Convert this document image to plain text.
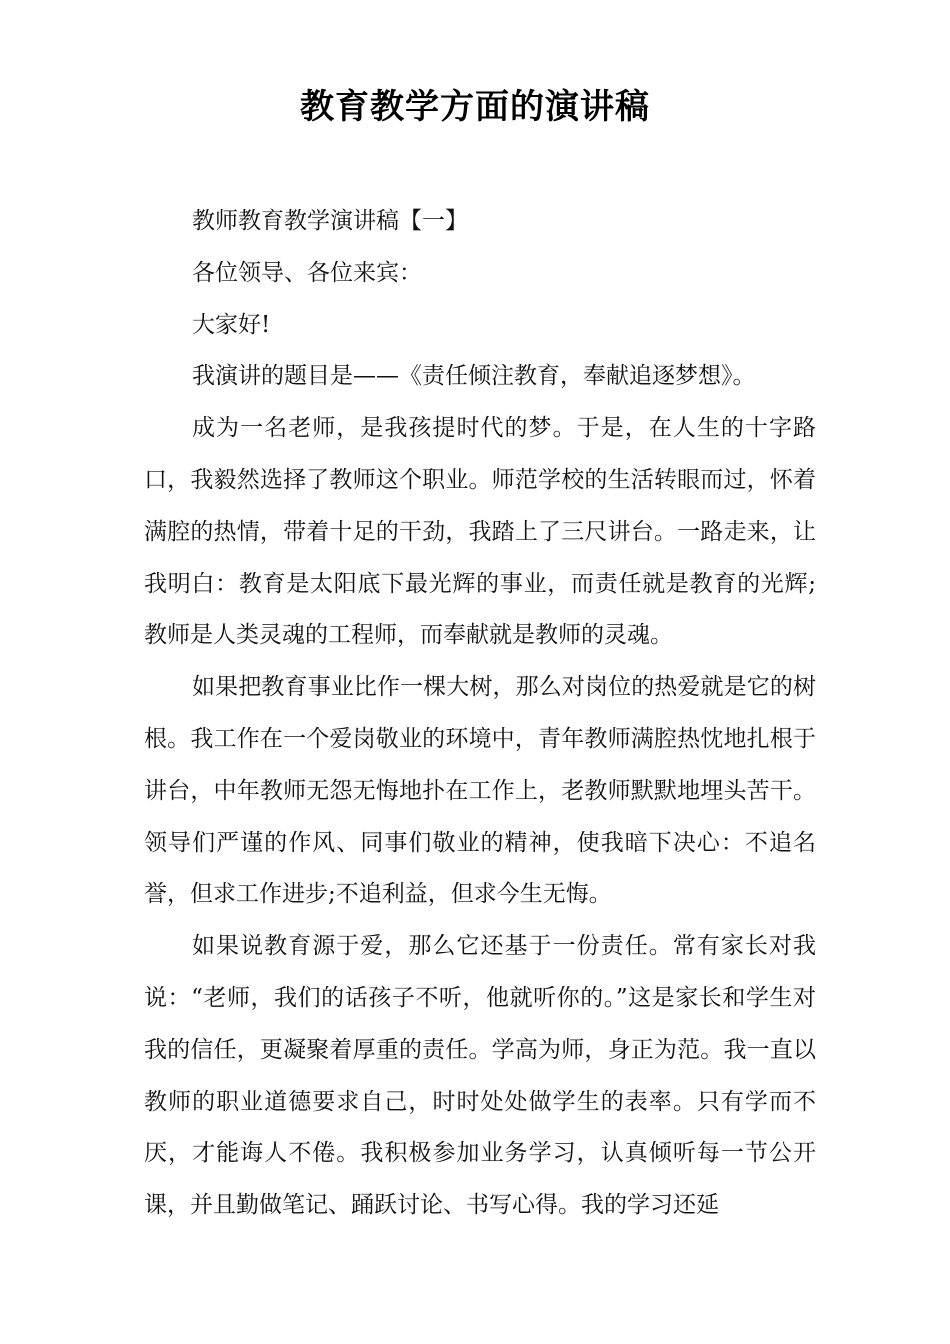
教育教学方面的演讲稿

教师教育教学演讲稿【一】

各位领导、各位来宾：

大家好!

我演讲的题目是——《责任倾注教育，奉献追逐梦想》。

成为一名老师，是我孩提时代的梦。于是，在人生的十字路口，我毅然选择了教师这个职业。师范学校的生活转眼而过，怀着满腔的热情，带着十足的干劲，我踏上了三尺讲台。一路走来，让我明白：教育是太阳底下最光辉的事业，而责任就是教育的光辉;教师是人类灵魂的工程师，而奉献就是教师的灵魂。

如果把教育事业比作一棵大树，那么对岗位的热爱就是它的树根。我工作在一个爱岗敬业的环境中，青年教师满腔热忱地扎根于讲台，中年教师无怨无悔地扑在工作上，老教师默默地埋头苦干。领导们严谨的作风、同事们敬业的精神，使我暗下决心：不追名誉，但求工作进步;不追利益，但求今生无悔。

如果说教育源于爱，那么它还基于一份责任。常有家长对我说：“老师，我们的话孩子不听，他就听你的。”这是家长和学生对我的信任，更凝聚着厚重的责任。学高为师，身正为范。我一直以教师的职业道德要求自己，时时处处做学生的表率。只有学而不厌，才能诲人不倦。我积极参加业务学习，认真倾听每一节公开课，并且勤做笔记、踊跃讨论、书写心得。我的学习还延
